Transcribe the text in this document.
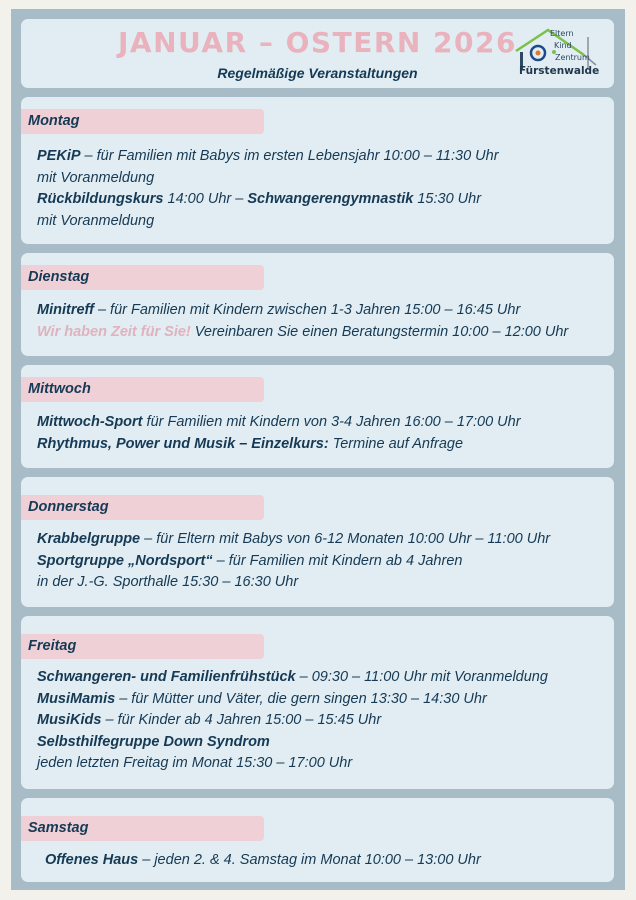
JANUAR – OSTERN 2026
Regelmäßige Veranstaltungen
Eltern
Kind
Zentrum
Fürstenwalde
Montag
PEKiP – für Familien mit Babys im ersten Lebensjahr 10:00 – 11:30 Uhr
mit Voranmeldung
Rückbildungskurs 14:00 Uhr – Schwangerengymnastik 15:30 Uhr
mit Voranmeldung
Dienstag
Minitreff – für Familien mit Kindern zwischen 1-3 Jahren 15:00 – 16:45 Uhr
Wir haben Zeit für Sie! Vereinbaren Sie einen Beratungstermin 10:00 – 12:00 Uhr
Mittwoch
Mittwoch-Sport für Familien mit Kindern von 3-4 Jahren 16:00 – 17:00 Uhr
Rhythmus, Power und Musik – Einzelkurs: Termine auf Anfrage
Donnerstag
Krabbelgruppe – für Eltern mit Babys von 6-12 Monaten 10:00 Uhr – 11:00 Uhr
Sportgruppe „Nordsport“ – für Familien mit Kindern ab 4 Jahren
in der J.-G. Sporthalle 15:30 – 16:30 Uhr
Freitag
Schwangeren- und Familienfrühstück – 09:30 – 11:00 Uhr mit Voranmeldung
MusiMamis – für Mütter und Väter, die gern singen 13:30 – 14:30 Uhr
MusiKids – für Kinder ab 4 Jahren 15:00 – 15:45 Uhr
Selbsthilfegruppe Down Syndrom
jeden letzten Freitag im Monat 15:30 – 17:00 Uhr
Samstag
Offenes Haus – jeden 2. & 4. Samstag im Monat 10:00 – 13:00 Uhr
